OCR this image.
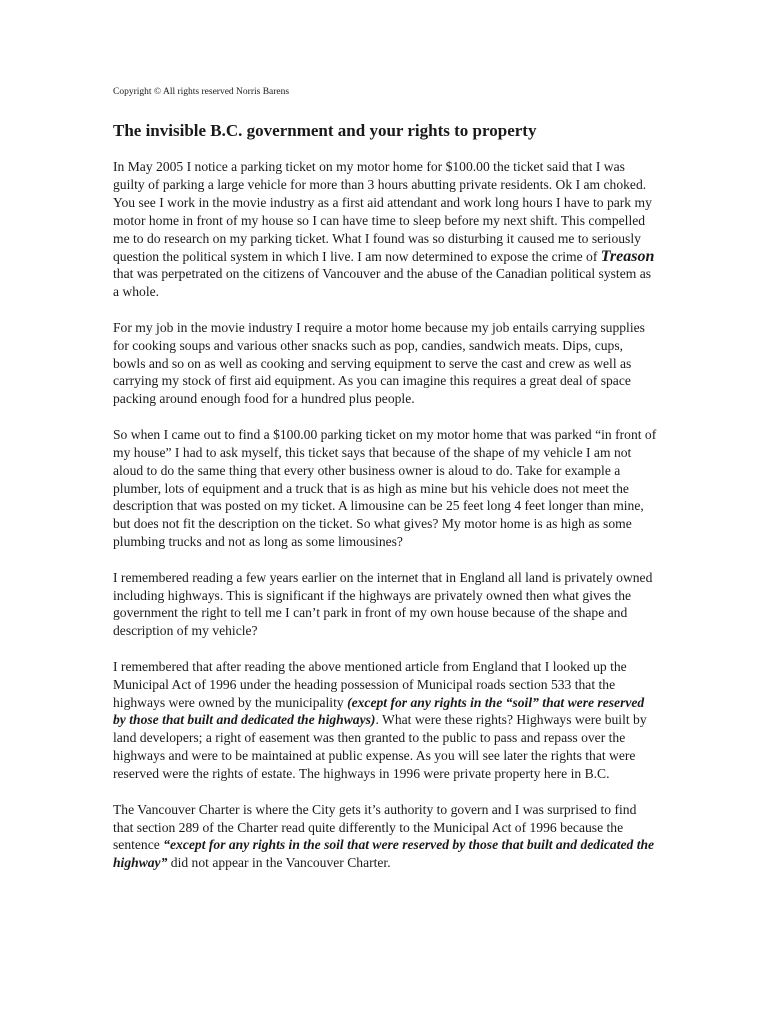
Copyright © All rights reserved Norris Barens
The invisible B.C. government and your rights to property

In May 2005 I notice a parking ticket on my motor home for $100.00 the ticket said that I was guilty of parking a large vehicle for more than 3 hours abutting private residents. Ok I am choked. You see I work in the movie industry as a first aid attendant and work long hours I have to park my motor home in front of my house so I can have time to sleep before my next shift. This compelled me to do research on my parking ticket. What I found was so disturbing it caused me to seriously question the political system in which I live. I am now determined to expose the crime of Treason that was perpetrated on the citizens of Vancouver and the abuse of the Canadian political system as a whole.

For my job in the movie industry I require a motor home because my job entails carrying supplies for cooking soups and various other snacks such as pop, candies, sandwich meats. Dips, cups, bowls and so on as well as cooking and serving equipment to serve the cast and crew as well as carrying my stock of first aid equipment. As you can imagine this requires a great deal of space packing around enough food for a hundred plus people.

So when I came out to find a $100.00 parking ticket on my motor home that was parked “in front of my house” I had to ask myself, this ticket says that because of the shape of my vehicle I am not aloud to do the same thing that every other business owner is aloud to do. Take for example a plumber, lots of equipment and a truck that is as high as mine but his vehicle does not meet the description that was posted on my ticket. A limousine can be 25 feet long 4 feet longer than mine, but does not fit the description on the ticket. So what gives? My motor home is as high as some plumbing trucks and not as long as some limousines?

I remembered reading a few years earlier on the internet that in England all land is privately owned including highways. This is significant if the highways are privately owned then what gives the government the right to tell me I can’t park in front of my own house because of the shape and description of my vehicle?

I remembered that after reading the above mentioned article from England that I looked up the Municipal Act of 1996 under the heading possession of Municipal roads section 533 that the highways were owned by the municipality (except for any rights in the “soil” that were reserved by those that built and dedicated the highways). What were these rights? Highways were built by land developers; a right of easement was then granted to the public to pass and repass over the highways and were to be maintained at public expense. As you will see later the rights that were reserved were the rights of estate. The highways in 1996 were private property here in B.C.

The Vancouver Charter is where the City gets it’s authority to govern and I was surprised to find that section 289 of the Charter read quite differently to the Municipal Act of 1996 because the sentence “except for any rights in the soil that were reserved by those that built and dedicated the highway” did not appear in the Vancouver Charter.
